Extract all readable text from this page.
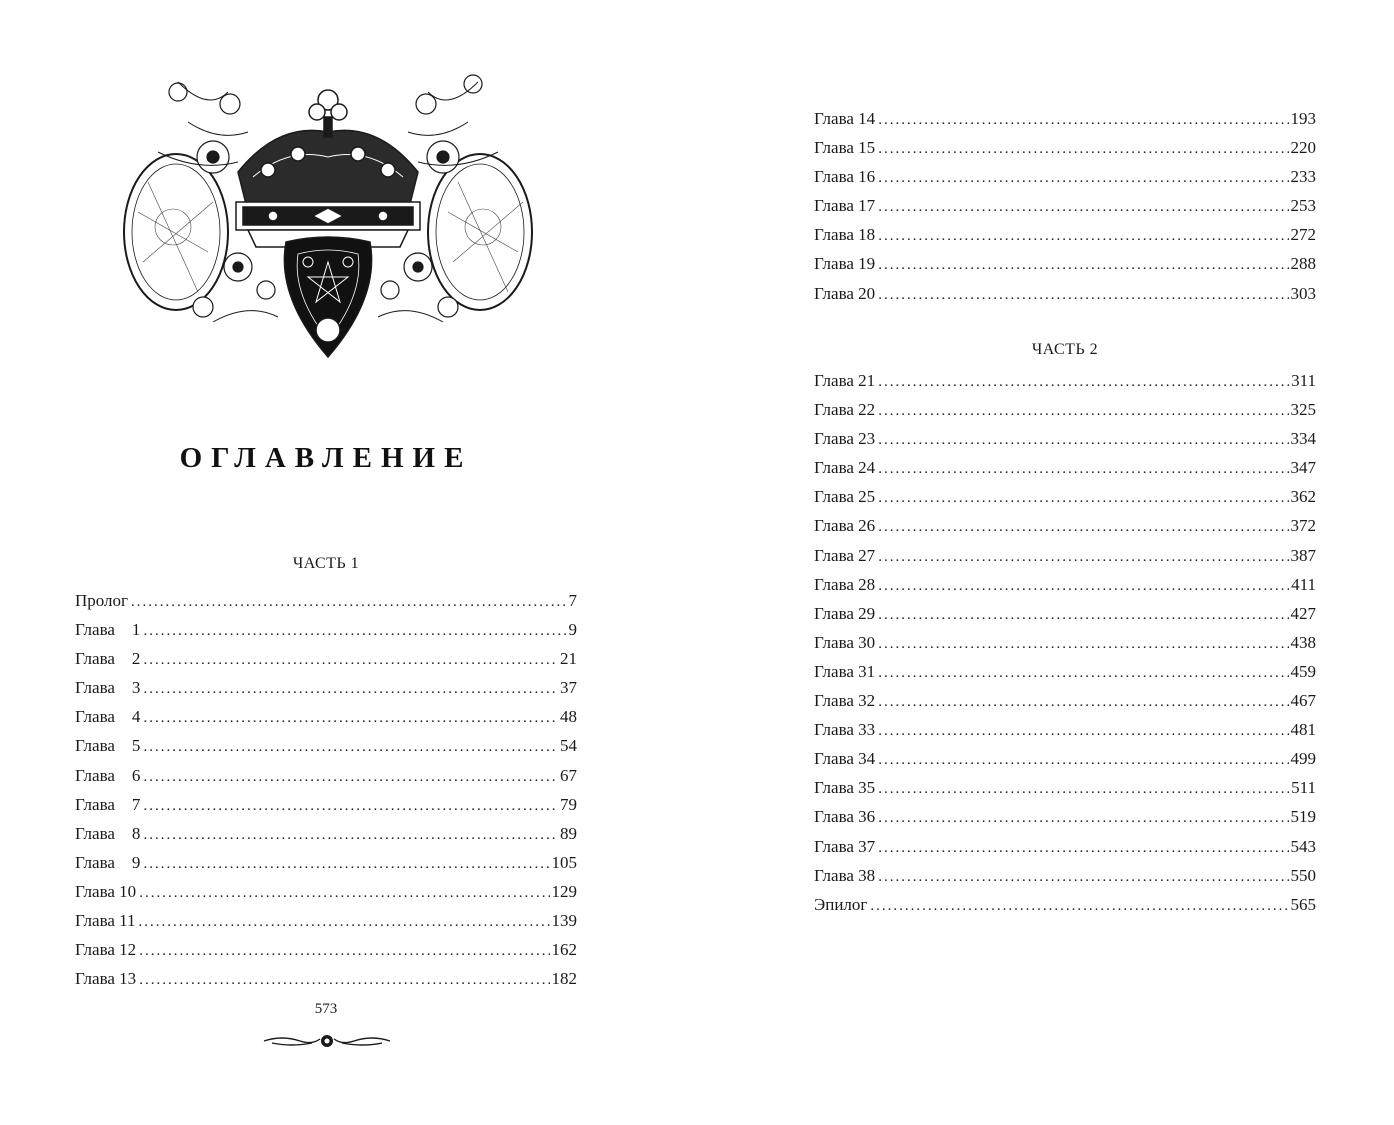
ОГЛАВЛЕНИЕ
ЧАСТЬ 1
Пролог .....	7
Глава    1 .....	9
Глава    2 .....	21
Глава    3 .....	37
Глава    4 .....	48
Глава    5 .....	54
Глава    6 .....	67
Глава    7 .....	79
Глава    8 .....	89
Глава    9 .....	105
Глава 10 .....	129
Глава 11 .....	139
Глава 12 .....	162
Глава 13 .....	182
573
Глава 14 .....	193
Глава 15 .....	220
Глава 16 .....	233
Глава 17 .....	253
Глава 18 .....	272
Глава 19 .....	288
Глава 20 .....	303
ЧАСТЬ 2
Глава 21 .....	311
Глава 22 .....	325
Глава 23 .....	334
Глава 24 .....	347
Глава 25 .....	362
Глава 26 .....	372
Глава 27 .....	387
Глава 28 .....	411
Глава 29 .....	427
Глава 30 .....	438
Глава 31 .....	459
Глава 32 .....	467
Глава 33 .....	481
Глава 34 .....	499
Глава 35 .....	511
Глава 36 .....	519
Глава 37 .....	543
Глава 38 .....	550
Эпилог .....	565
